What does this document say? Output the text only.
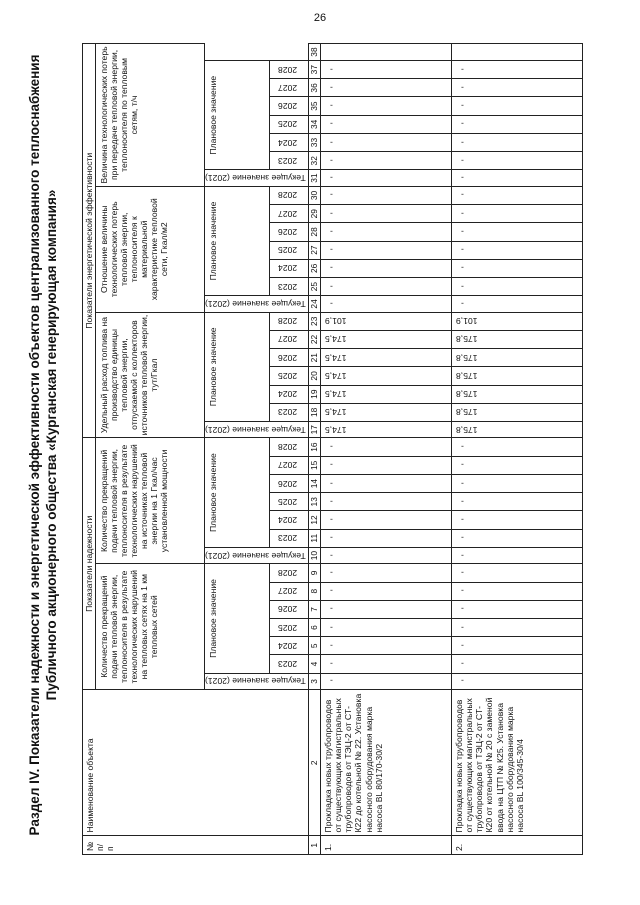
26
Раздел IV. Показатели надежности и энергетической эффективности объектов централизованного теплоснабжения Публичного акционерного общества «Курганская генерирующая компания»
№ п/п	Наименование объекта	Показатели надежности														Показатели энергетической эффективности																					
		Количество прекращений подачи тепловой энергии, теплоносителя в результате технологических нарушений на тепловых сетях на 1 км тепловых сетей							Количество прекращений подачи тепловой энергии, теплоносителя в результате технологических нарушений на источниках тепловой энергии на 1 Гкал/час установленной мощности							Удельный расход топлива на производство единицы тепловой энергии, отпускаемой с коллекторов источников тепловой энергии, тут/Гкал							Отношение величины технологических потерь тепловой энергии, теплоносителя к материальной характеристике тепловой сети, Гкал/м2							Величина технологических потерь при передаче тепловой энергии, теплоносителя по тепловым сетям, т/ч							
		Текущее значение (2021)	Плановое значение						Текущее значение (2021)	Плановое значение						Текущее значение (2021)	Плановое значение						Текущее значение (2021)	Плановое значение						Текущее значение (2021)	Плановое значение						
			2023	2024	2025	2026	2027	2028		2023	2024	2025	2026	2027	2028		2023	2024	2025	2026	2027	2028		2023	2024	2025	2026	2027	2028		2023	2024	2025	2026	2027	2028	
1	2	3	4	5	6	7	8	9	10	11	12	13	14	15	16	17	18	19	20	21	22	23	24	25	26	27	28	29	30	31	32	33	34	35	36	37	38
1.	Прокладка новых трубопроводов от существующих магистральных трубопроводов от ТЭЦ-2 от СТ-К22 до котельной № 22. Установка насосного оборудования марка насоса BL 80/170-30/2	-	-	-	-	-	-	-	-	-	-	-	-	-	-	174,5	174,5	174,5	174,5	174,5	174,5	101,9	-	-	-	-	-	-	-	-	-	-	-	-	-	-	
2.	Прокладка новых трубопроводов от существующих магистральных трубопроводов от ТЭЦ-2 от СТ-К20 от котельной № 20 с заменой ввода на ЦТП № К25. Установка насосного оборудования марка насоса BL 100/345-30/4	-	-	-	-	-	-	-	-	-	-	-	-	-	-	175,8	175,8	175,8	175,8	175,8	175,8	101,9	-	-	-	-	-	-	-	-	-	-	-	-	-	-	
